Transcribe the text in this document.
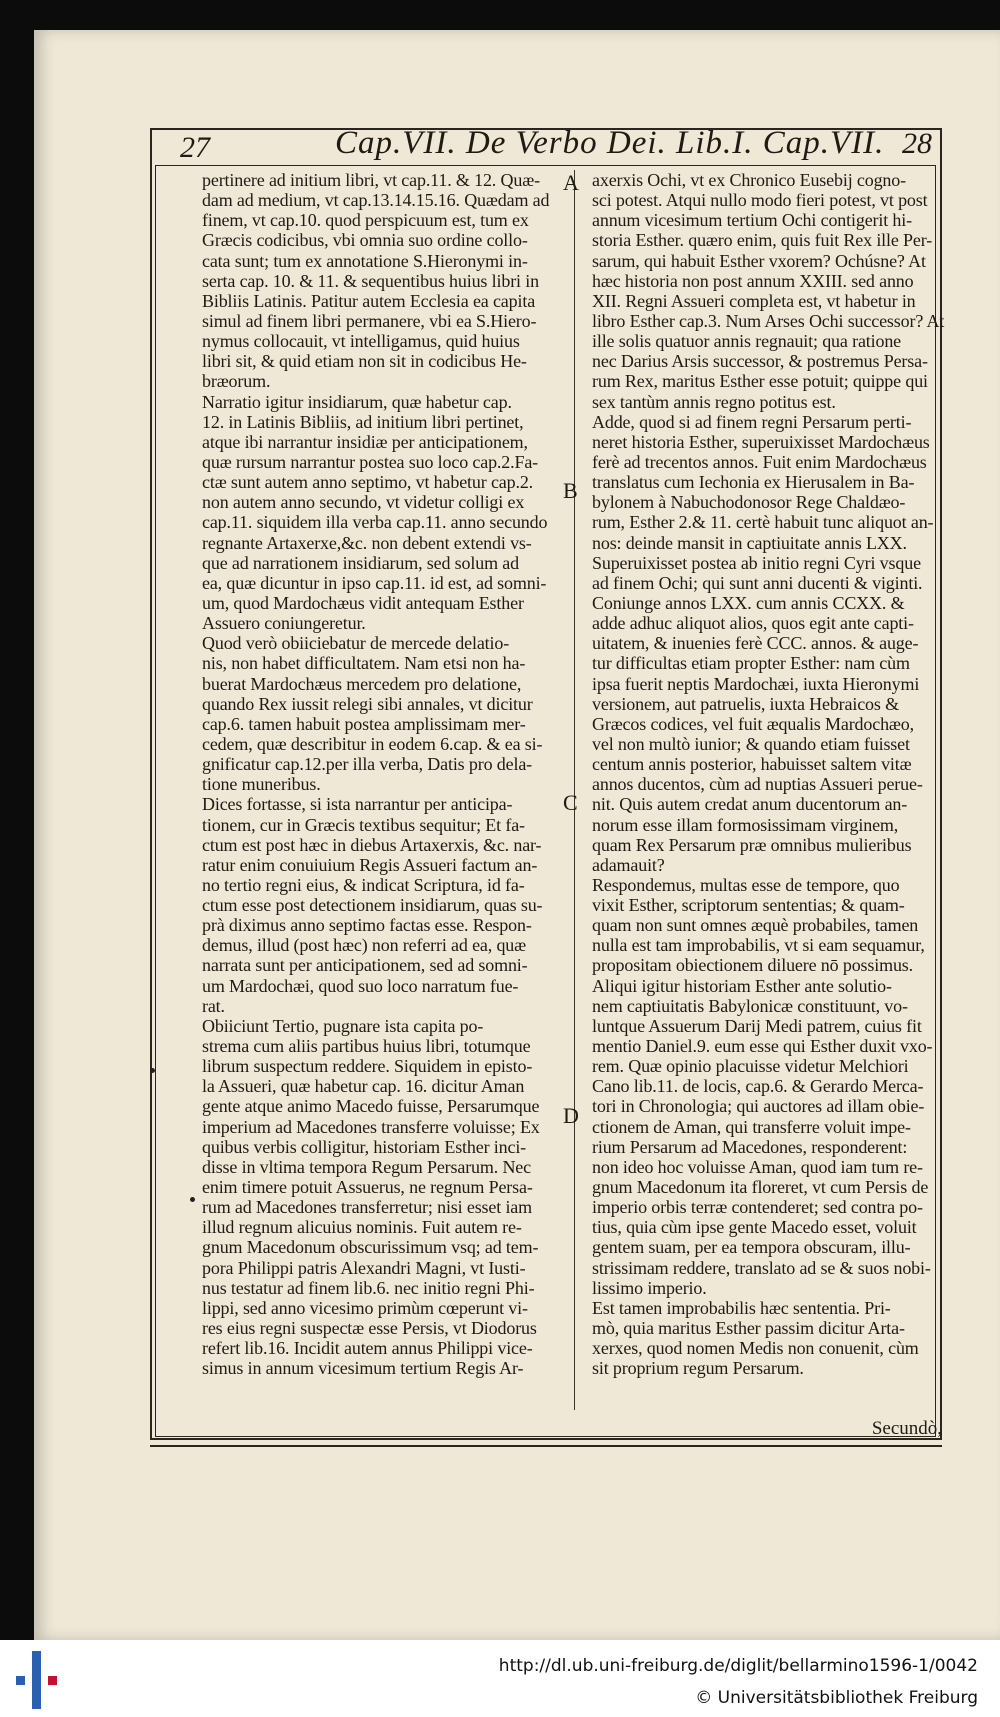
27	Cap.VII. De Verbo Dei. Lib.I. Cap.VII. 28
pertinere ad initium libri, vt cap.11. & 12. Quæ-
dam ad medium, vt cap.13.14.15.16. Quædam ad
finem, vt cap.10. quod perspicuum est, tum ex
Græcis codicibus, vbi omnia suo ordine collo-
cata sunt; tum ex annotatione S.Hieronymi in-
serta cap. 10. & 11. & sequentibus huius libri in
Bibliis Latinis. Patitur autem Ecclesia ea capita
simul ad finem libri permanere, vbi ea S.Hiero-
nymus collocauit, vt intelligamus, quid huius
libri sit, & quid etiam non sit in codicibus He-
bræorum.
Narratio igitur insidiarum, quæ habetur cap.
12. in Latinis Bibliis, ad initium libri pertinet,
atque ibi narrantur insidiæ per anticipationem,
quæ rursum narrantur postea suo loco cap.2.Fa-
ctæ sunt autem anno septimo, vt habetur cap.2.
non autem anno secundo, vt videtur colligi ex
cap.11. siquidem illa verba cap.11. anno secundo
regnante Artaxerxe,&c. non debent extendi vs-
que ad narrationem insidiarum, sed solum ad
ea, quæ dicuntur in ipso cap.11. id est, ad somni-
um, quod Mardochæus vidit antequam Esther
Assuero coniungeretur.
Quod verò obiiciebatur de mercede delatio-
nis, non habet difficultatem. Nam etsi non ha-
buerat Mardochæus mercedem pro delatione,
quando Rex iussit relegi sibi annales, vt dicitur
cap.6. tamen habuit postea amplissimam mer-
cedem, quæ describitur in eodem 6.cap. & ea si-
gnificatur cap.12.per illa verba, Datis pro dela-
tione muneribus.
Dices fortasse, si ista narrantur per anticipa-
tionem, cur in Græcis textibus sequitur; Et fa-
ctum est post hæc in diebus Artaxerxis, &c. nar-
ratur enim conuiuium Regis Assueri factum an-
no tertio regni eius, & indicat Scriptura, id fa-
ctum esse post detectionem insidiarum, quas su-
prà diximus anno septimo factas esse. Respon-
demus, illud (post hæc) non referri ad ea, quæ
narrata sunt per anticipationem, sed ad somni-
um Mardochæi, quod suo loco narratum fue-
rat.
Obiiciunt Tertio, pugnare ista capita po-
strema cum aliis partibus huius libri, totumque
librum suspectum reddere. Siquidem in episto-
la Assueri, quæ habetur cap. 16. dicitur Aman
gente atque animo Macedo fuisse, Persarumque
imperium ad Macedones transferre voluisse; Ex
quibus verbis colligitur, historiam Esther inci-
disse in vltima tempora Regum Persarum. Nec
enim timere potuit Assuerus, ne regnum Persa-
rum ad Macedones transferretur; nisi esset iam
illud regnum alicuius nominis. Fuit autem re-
gnum Macedonum obscurissimum vsq; ad tem-
pora Philippi patris Alexandri Magni, vt Iusti-
nus testatur ad finem lib.6. nec initio regni Phi-
lippi, sed anno vicesimo primùm cœperunt vi-
res eius regni suspectæ esse Persis, vt Diodorus
refert lib.16. Incidit autem annus Philippi vice-
simus in annum vicesimum tertium Regis Ar-
axerxis Ochi, vt ex Chronico Eusebij cogno-
sci potest. Atqui nullo modo fieri potest, vt post
annum vicesimum tertium Ochi contigerit hi-
storia Esther. quæro enim, quis fuit Rex ille Per-
sarum, qui habuit Esther vxorem? Ochúsne? At
hæc historia non post annum XXIII. sed anno
XII. Regni Assueri completa est, vt habetur in
libro Esther cap.3. Num Arses Ochi successor? At
ille solis quatuor annis regnauit; qua ratione
nec Darius Arsis successor, & postremus Persa-
rum Rex, maritus Esther esse potuit; quippe qui
sex tantùm annis regno potitus est.
Adde, quod si ad finem regni Persarum perti-
neret historia Esther, superuixisset Mardochæus
ferè ad trecentos annos. Fuit enim Mardochæus
translatus cum Iechonia ex Hierusalem in Ba-
bylonem à Nabuchodonosor Rege Chaldæo-
rum, Esther 2.& 11. certè habuit tunc aliquot an-
nos: deinde mansit in captiuitate annis LXX.
Superuixisset postea ab initio regni Cyri vsque
ad finem Ochi; qui sunt anni ducenti & viginti.
Coniunge annos LXX. cum annis CCXX. &
adde adhuc aliquot alios, quos egit ante capti-
uitatem, & inuenies ferè CCC. annos. & auge-
tur difficultas etiam propter Esther: nam cùm
ipsa fuerit neptis Mardochæi, iuxta Hieronymi
versionem, aut patruelis, iuxta Hebraicos &
Græcos codices, vel fuit æqualis Mardochæo,
vel non multò iunior; & quando etiam fuisset
centum annis posterior, habuisset saltem vitæ
annos ducentos, cùm ad nuptias Assueri perue-
nit. Quis autem credat anum ducentorum an-
norum esse illam formosissimam virginem,
quam Rex Persarum præ omnibus mulieribus
adamauit?
Respondemus, multas esse de tempore, quo
vixit Esther, scriptorum sententias; & quam-
quam non sunt omnes æquè probabiles, tamen
nulla est tam improbabilis, vt si eam sequamur,
propositam obiectionem diluere nō possimus.
Aliqui igitur historiam Esther ante solutio-
nem captiuitatis Babylonicæ constituunt, vo-
luntque Assuerum Darij Medi patrem, cuius fit
mentio Daniel.9. eum esse qui Esther duxit vxo-
rem. Quæ opinio placuisse videtur Melchiori
Cano lib.11. de locis, cap.6. & Gerardo Merca-
tori in Chronologia; qui auctores ad illam obie-
ctionem de Aman, qui transferre voluit impe-
rium Persarum ad Macedones, responderent:
non ideo hoc voluisse Aman, quod iam tum re-
gnum Macedonum ita floreret, vt cum Persis de
imperio orbis terræ contenderet; sed contra po-
tius, quia cùm ipse gente Macedo esset, voluit
gentem suam, per ea tempora obscuram, illu-
strissimam reddere, translato ad se & suos nobi-
lissimo imperio.
Est tamen improbabilis hæc sententia. Pri-
mò, quia maritus Esther passim dicitur Arta-
xerxes, quod nomen Medis non conuenit, cùm
sit proprium regum Persarum.
A
B
C
D
Secundò,
http://dl.ub.uni-freiburg.de/diglit/bellarmino1596-1/0042
© Universitätsbibliothek Freiburg
